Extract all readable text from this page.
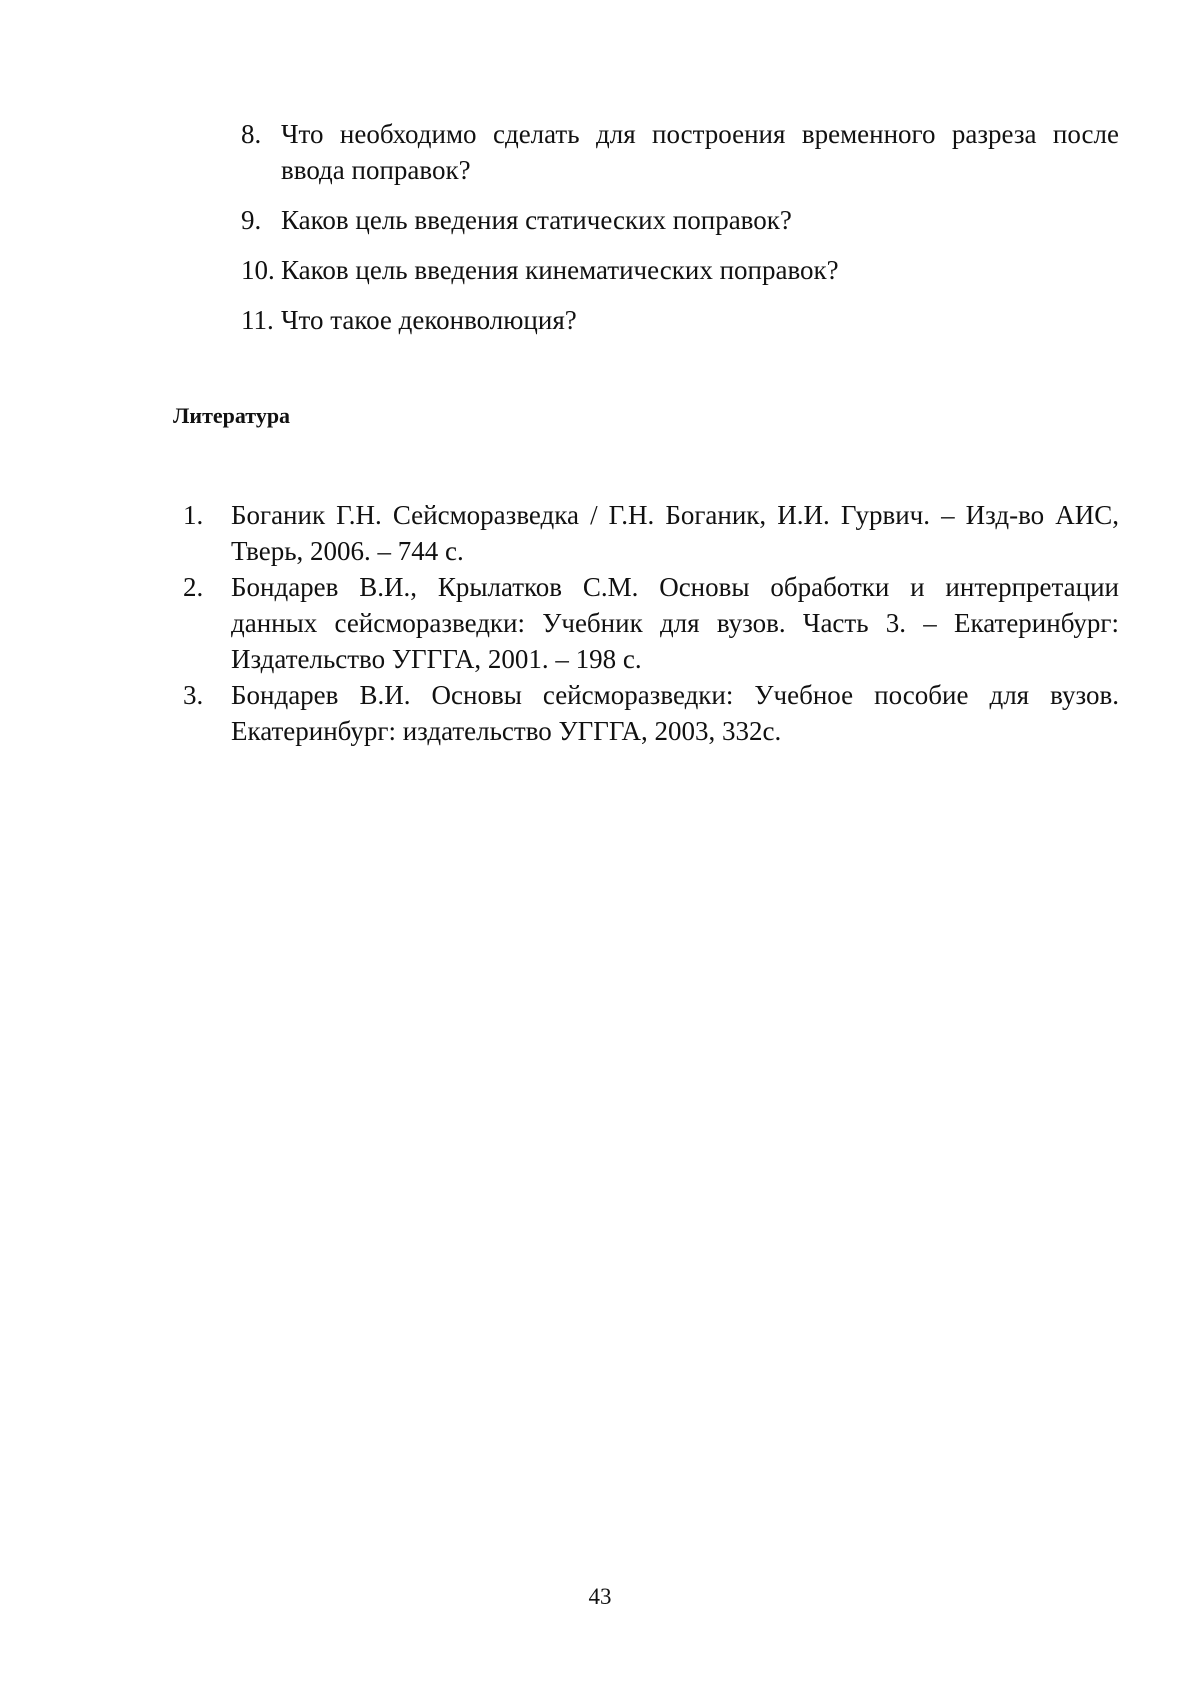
8. Что необходимо сделать для построения временного разреза после
ввода поправок?
9. Каков цель введения статических поправок?
10. Каков цель введения кинематических поправок?
11. Что такое деконволюция?
Литература
1.	Боганик Г.Н. Сейсморазведка / Г.Н. Боганик, И.И. Гурвич. – Изд-во АИС,
Тверь, 2006. – 744 с.
2.	Бондарев В.И., Крылатков С.М. Основы обработки и интерпретации
данных сейсморазведки: Учебник для вузов. Часть 3. – Екатеринбург:
Издательство УГГГА, 2001. – 198 с.
3.	Бондарев В.И. Основы сейсморазведки: Учебное пособие для вузов.
Екатеринбург: издательство УГГГА, 2003, 332с.
43
